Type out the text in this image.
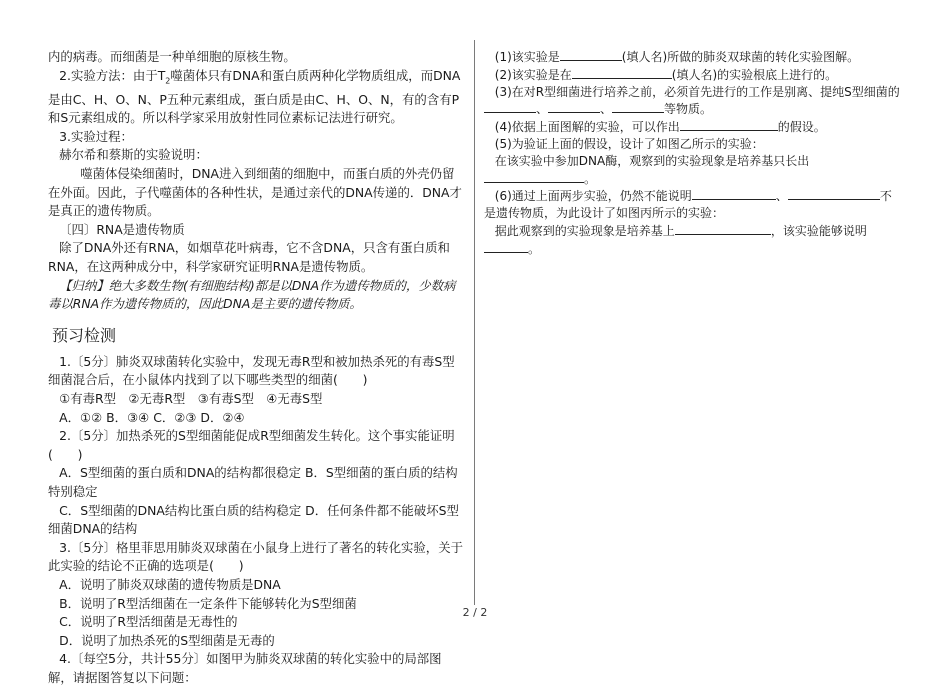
内的病毒。而细菌是一种单细胞的原核生物。

2.实验方法：由于$T_2$噬菌体只有DNA和蛋白质两种化学物质组成，而DNA是由C、H、O、N、P五种元素组成，蛋白质是由C、H、O、N，有的含有P和S元素组成的。所以科学家采用放射性同位素标记法进行研究。

3.实验过程：

赫尔希和蔡斯的实验说明：

噬菌体侵染细菌时，DNA进入到细菌的细胞中，而蛋白质的外壳仍留在外面。因此，子代噬菌体的各种性状，是通过亲代的DNA传递的．DNA才是真正的遗传物质。

〔四〕RNA是遗传物质

除了DNA外还有RNA，如烟草花叶病毒，它不含DNA，只含有蛋白质和RNA，在这两种成分中，科学家研究证明RNA是遗传物质。

【归纳】绝大多数生物(有细胞结构)都是以DNA作为遗传物质的，少数病毒以RNA作为遗传物质的，因此DNA是主要的遗传物质。

预习检测

1.〔5分〕肺炎双球菌转化实验中，发现无毒R型和被加热杀死的有毒S型细菌混合后，在小鼠体内找到了以下哪些类型的细菌(　　)

①有毒R型　②无毒R型　③有毒S型　④无毒S型

A．①② B．③④ C．②③ D．②④

2.〔5分〕加热杀死的S型细菌能促成R型细菌发生转化。这个事实能证明(　　)

A．S型细菌的蛋白质和DNA的结构都很稳定 B．S型细菌的蛋白质的结构特别稳定

C．S型细菌的DNA结构比蛋白质的结构稳定 D．任何条件都不能破坏S型细菌DNA的结构

3.〔5分〕格里菲思用肺炎双球菌在小鼠身上进行了著名的转化实验，关于此实验的结论不正确的选项是(　　)

A．说明了肺炎双球菌的遗传物质是DNA

B．说明了R型活细菌在一定条件下能够转化为S型细菌

C．说明了R型活细菌是无毒性的

D．说明了加热杀死的S型细菌是无毒的

4.〔每空5分，共计55分〕如图甲为肺炎双球菌的转化实验中的局部图解，请据图答复以下问题：

(1)该实验是	(填人名)所做的肺炎双球菌的转化实验图解。

(2)该实验是在	(填人名)的实验根底上进行的。

(3)在对R型细菌进行培养之前，必须首先进行的工作是别离、提纯S型细菌的、	、	等物质。

(4)依据上面图解的实验，可以作出	的假设。

(5)为验证上面的假设，设计了如图乙所示的实验：

在该实验中参加DNA酶，观察到的实验现象是培养基只长出。

(6)通过上面两步实验，仍然不能说明	、	不是遗传物质，为此设计了如图丙所示的实验：

据此观察到的实验现象是培养基上	，该实验能够说明。

2 / 2
